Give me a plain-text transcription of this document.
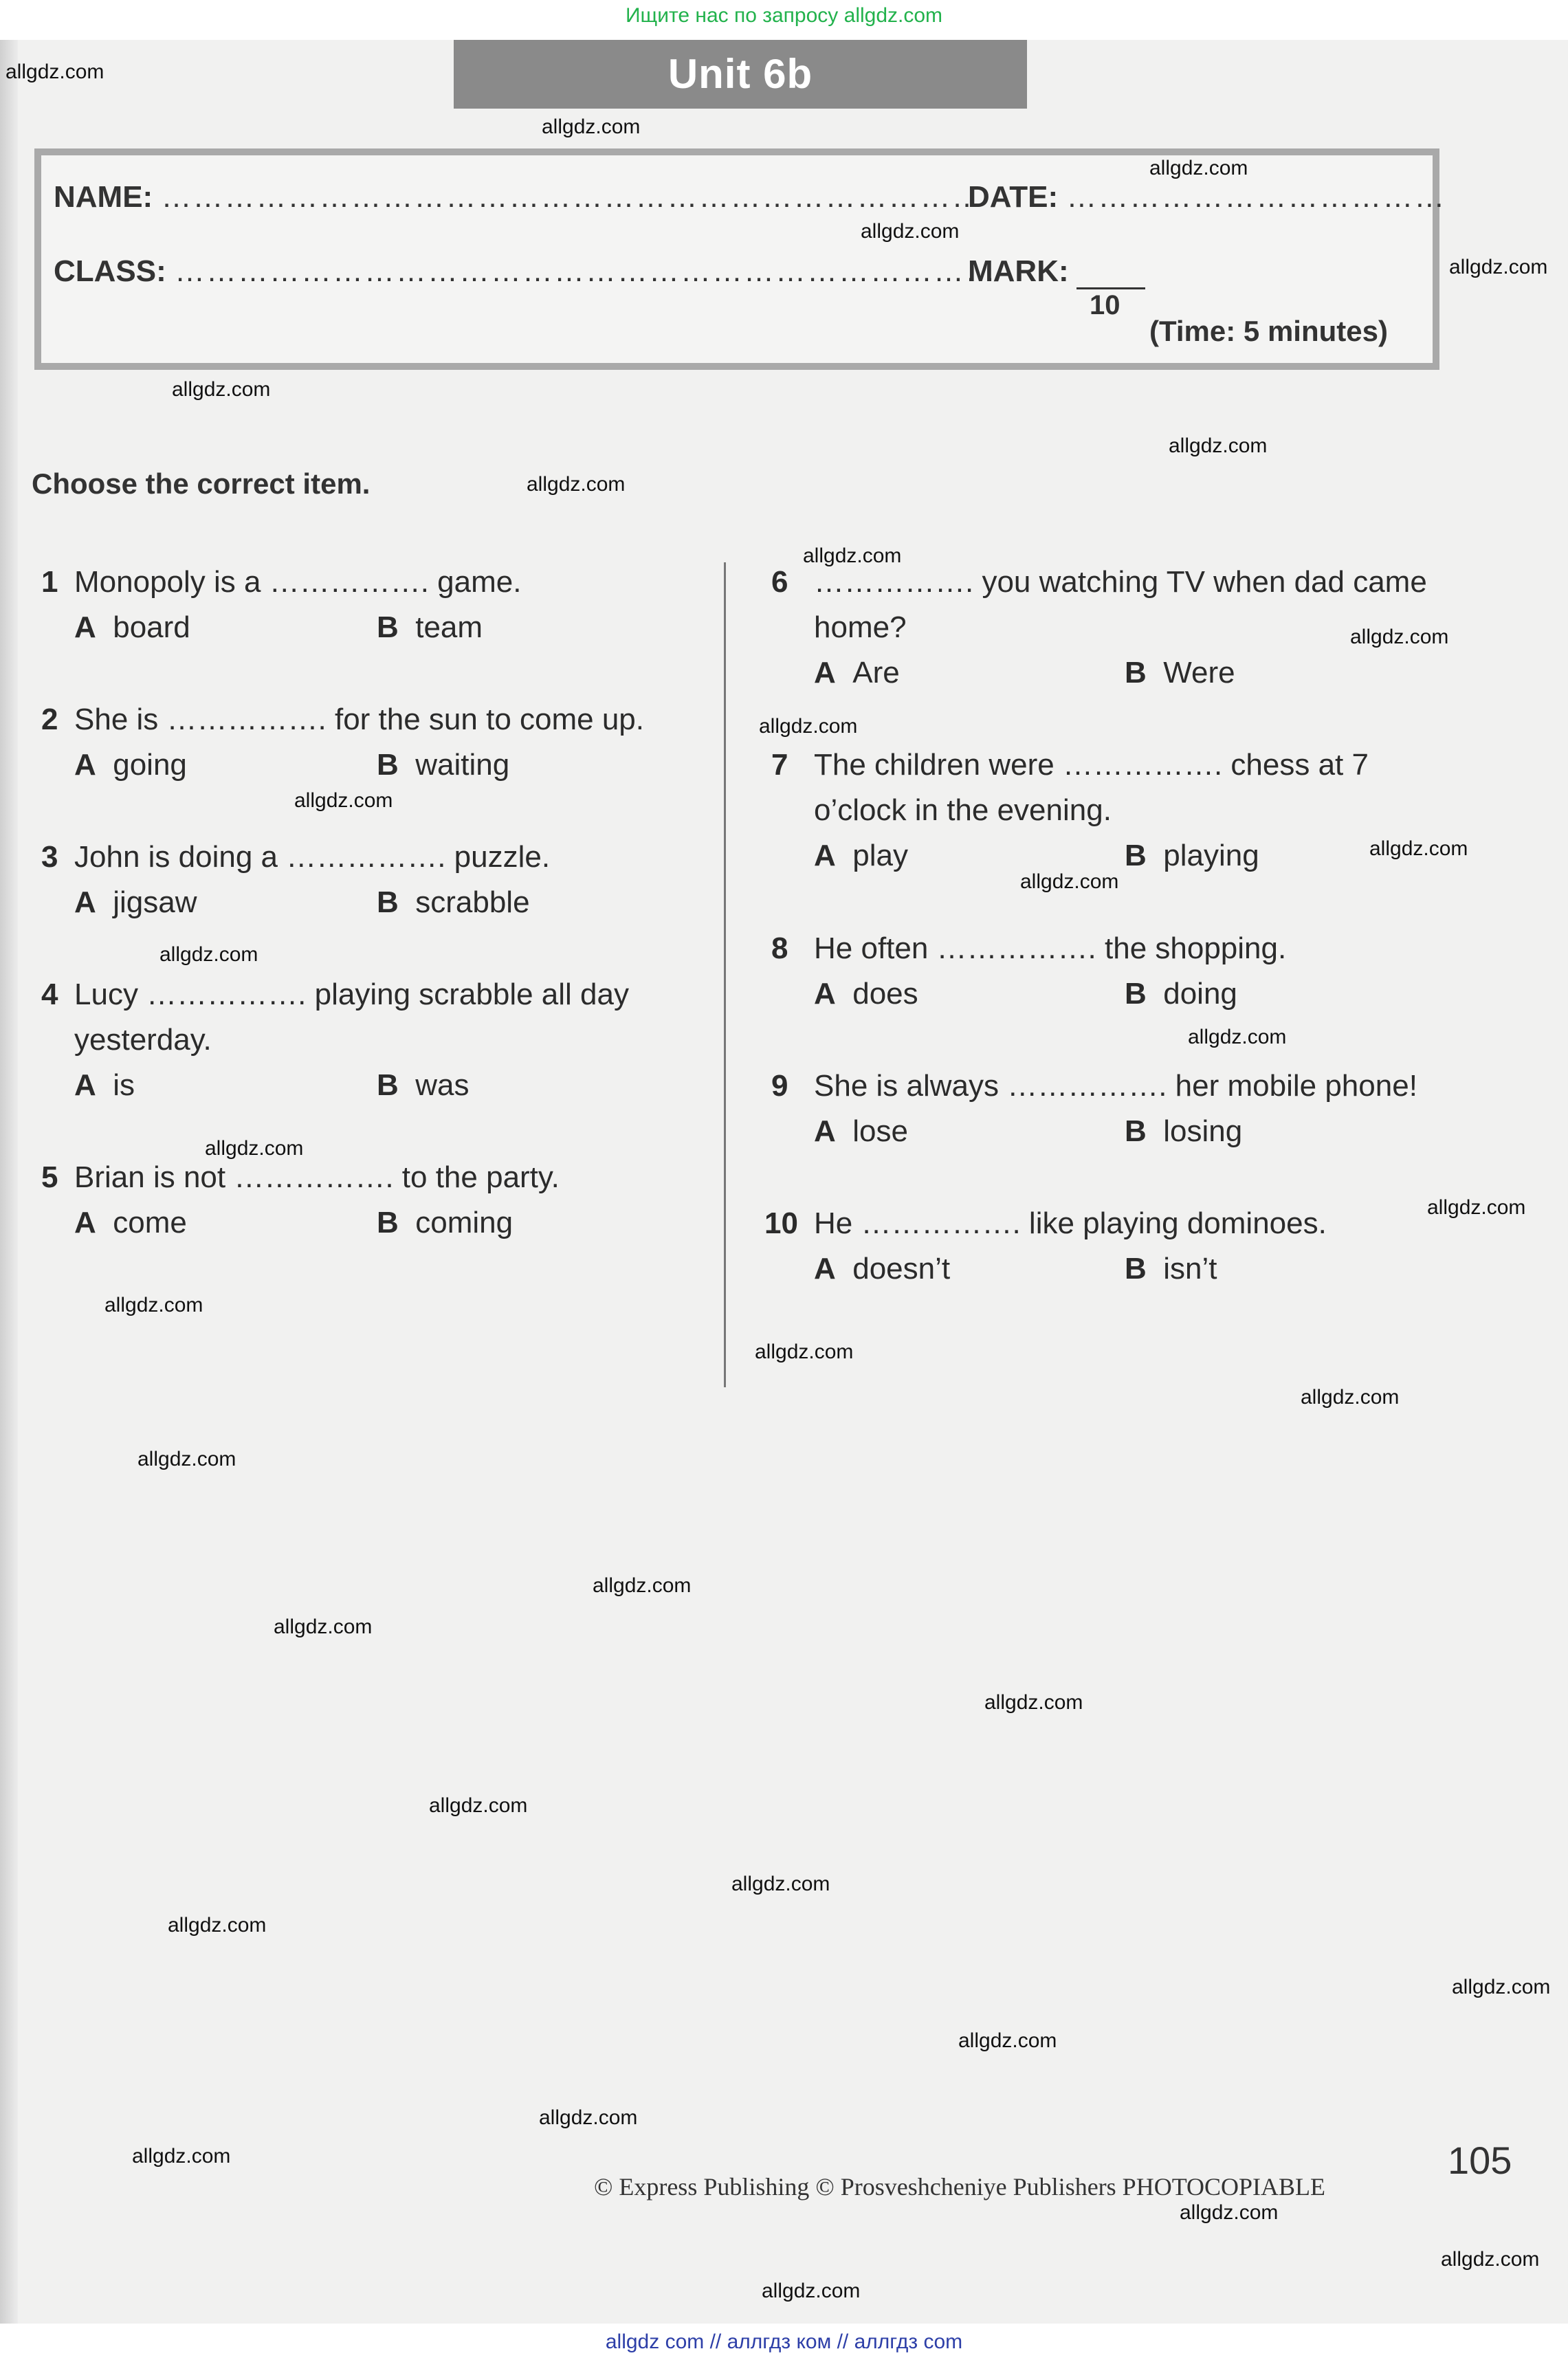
Unit 6b
NAME: ……………………………………………………………………
DATE: ………………………………
CLASS: ……………………………………………………………………
MARK:
10
(Time: 5 minutes)
Choose the correct item.
1 Monopoly is a ……………. game.
A board	B team
2 She is ……………. for the sun to come up.
A going	B waiting
3 John is doing a ……………. puzzle.
A jigsaw	B scrabble
4 Lucy ……………. playing scrabble all day
yesterday.
A is	B was
5 Brian is not ……………. to the party.
A come	B coming
6 ……………. you watching TV when dad came
home?
A Are	B Were
7 The children were ……………. chess at 7
o’clock in the evening.
A play	B playing
8 He often ……………. the shopping.
A does	B doing
9 She is always ……………. her mobile phone!
A lose	B losing
10 He ……………. like playing dominoes.
A doesn’t	B isn’t
105
© Express Publishing © Prosveshcheniye Publishers PHOTOCOPIABLE
allgdz.com
allgdz.com
allgdz.com
allgdz.com
allgdz.com
allgdz.com
allgdz.com
allgdz.com
allgdz.com
allgdz.com
allgdz.com
allgdz.com
allgdz.com
allgdz.com
allgdz.com
allgdz.com
allgdz.com
allgdz.com
allgdz.com
allgdz.com
allgdz.com
allgdz.com
allgdz.com
allgdz.com
allgdz.com
allgdz.com
allgdz.com
allgdz.com
allgdz.com
allgdz.com
allgdz.com
allgdz.com
allgdz.com
allgdz.com
allgdz.com
Ищите нас по запросу allgdz.com
allgdz com // аллгдз ком // аллгдз com
